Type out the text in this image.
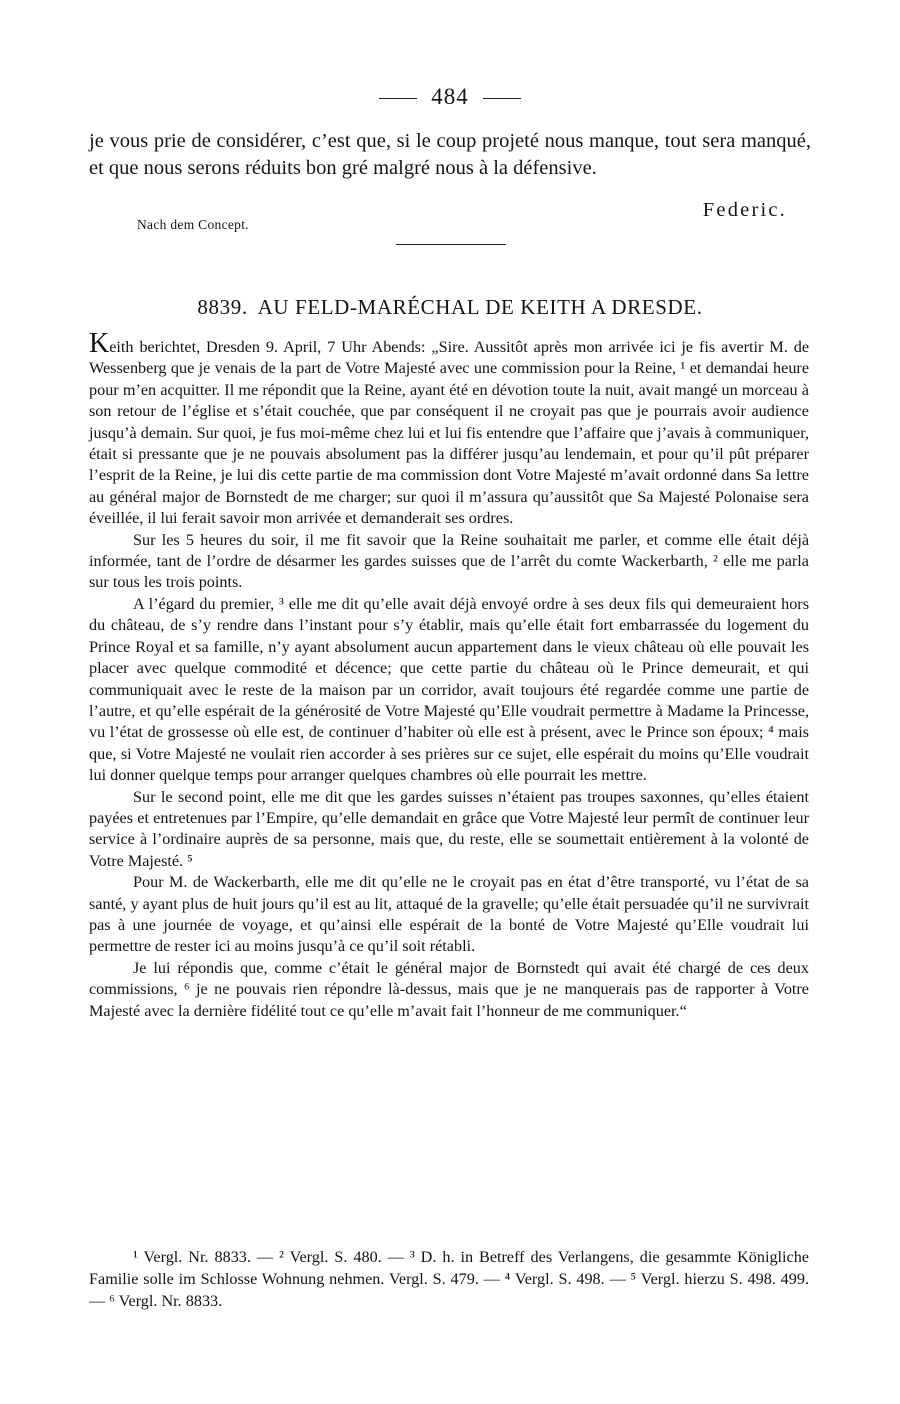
484
je vous prie de considérer, c’est que, si le coup projeté nous manque, tout sera manqué, et que nous serons réduits bon gré malgré nous à la défensive.
Federic.
Nach dem Concept.
8839. AU FELD-MARÉCHAL DE KEITH A DRESDE.

Keith berichtet, Dresden 9. April, 7 Uhr Abends: „Sire. Aussitôt après mon arrivée ici je fis avertir M. de Wessenberg que je venais de la part de Votre Majesté avec une commission pour la Reine, ¹ et demandai heure pour m’en acquitter. Il me répondit que la Reine, ayant été en dévotion toute la nuit, avait mangé un morceau à son retour de l’église et s’était couchée, que par conséquent il ne croyait pas que je pourrais avoir audience jusqu’à demain. Sur quoi, je fus moi-même chez lui et lui fis entendre que l’affaire que j’avais à communiquer, était si pressante que je ne pouvais absolument pas la différer jusqu’au lendemain, et pour qu’il pût préparer l’esprit de la Reine, je lui dis cette partie de ma commission dont Votre Majesté m’avait ordonné dans Sa lettre au général major de Bornstedt de me charger; sur quoi il m’assura qu’aussitôt que Sa Majesté Polonaise sera éveillée, il lui ferait savoir mon arrivée et demanderait ses ordres.

Sur les 5 heures du soir, il me fit savoir que la Reine souhaitait me parler, et comme elle était déjà informée, tant de l’ordre de désarmer les gardes suisses que de l’arrêt du comte Wackerbarth, ² elle me parla sur tous les trois points.

A l’égard du premier, ³ elle me dit qu’elle avait déjà envoyé ordre à ses deux fils qui demeuraient hors du château, de s’y rendre dans l’instant pour s’y établir, mais qu’elle était fort embarrassée du logement du Prince Royal et sa famille, n’y ayant absolument aucun appartement dans le vieux château où elle pouvait les placer avec quelque commodité et décence; que cette partie du château où le Prince demeurait, et qui communiquait avec le reste de la maison par un corridor, avait toujours été regardée comme une partie de l’autre, et qu’elle espérait de la générosité de Votre Majesté qu’Elle voudrait permettre à Madame la Princesse, vu l’état de grossesse où elle est, de continuer d’habiter où elle est à présent, avec le Prince son époux; ⁴ mais que, si Votre Majesté ne voulait rien accorder à ses prières sur ce sujet, elle espérait du moins qu’Elle voudrait lui donner quelque temps pour arranger quelques chambres où elle pourrait les mettre.

Sur le second point, elle me dit que les gardes suisses n’étaient pas troupes saxonnes, qu’elles étaient payées et entretenues par l’Empire, qu’elle demandait en grâce que Votre Majesté leur permît de continuer leur service à l’ordinaire auprès de sa personne, mais que, du reste, elle se soumettait entièrement à la volonté de Votre Majesté. ⁵

Pour M. de Wackerbarth, elle me dit qu’elle ne le croyait pas en état d’être transporté, vu l’état de sa santé, y ayant plus de huit jours qu’il est au lit, attaqué de la gravelle; qu’elle était persuadée qu’il ne survivrait pas à une journée de voyage, et qu’ainsi elle espérait de la bonté de Votre Majesté qu’Elle voudrait lui permettre de rester ici au moins jusqu’à ce qu’il soit rétabli.

Je lui répondis que, comme c’était le général major de Bornstedt qui avait été chargé de ces deux commissions, ⁶ je ne pouvais rien répondre là-dessus, mais que je ne manquerais pas de rapporter à Votre Majesté avec la dernière fidélité tout ce qu’elle m’avait fait l’honneur de me communiquer.“

¹ Vergl. Nr. 8833. — ² Vergl. S. 480. — ³ D. h. in Betreff des Verlangens, die gesammte Königliche Familie solle im Schlosse Wohnung nehmen. Vergl. S. 479. — ⁴ Vergl. S. 498. — ⁵ Vergl. hierzu S. 498. 499. — ⁶ Vergl. Nr. 8833.
